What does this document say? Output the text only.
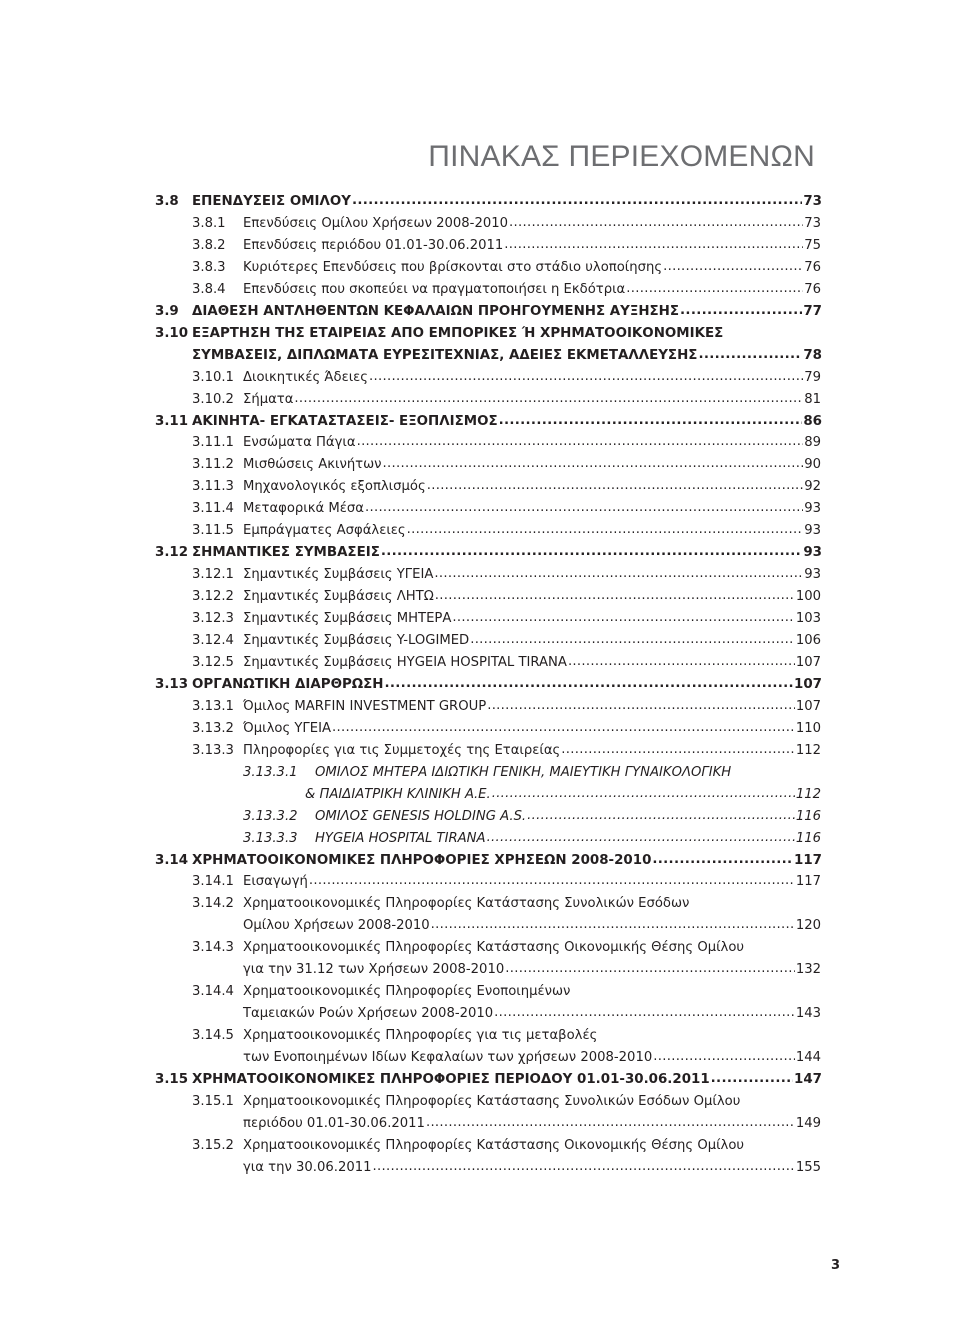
ΠΙΝΑΚΑΣ ΠΕΡΙΕΧΟΜΕΝΩΝ
3.8 ΕΠΕΝΔΥΣΕΙΣ ΟΜΙΛΟΥ .....	73
3.8.1	Επενδύσεις Ομίλου Χρήσεων 2008-2010 .....	73
3.8.2	Επενδύσεις περιόδου 01.01-30.06.2011 .....	75
3.8.3	Κυριότερες Επενδύσεις που βρίσκονται στο στάδιο υλοποίησης .....	76
3.8.4	Επενδύσεις που σκοπεύει να πραγματοποιήσει η Εκδότρια .....	76
3.9 ΔΙΑΘΕΣΗ ΑΝΤΛΗΘΕΝΤΩΝ ΚΕΦΑΛΑΙΩΝ ΠΡΟΗΓΟΥΜΕΝΗΣ ΑΥΞΗΣΗΣ .....	77
3.10 ΕΞΑΡΤΗΣΗ ΤΗΣ ΕΤΑΙΡΕΙΑΣ ΑΠΟ ΕΜΠΟΡΙΚΕΣ Ή ΧΡΗΜΑΤΟΟΙΚΟΝΟΜΙΚΕΣ
ΣΥΜΒΑΣΕΙΣ, ΔΙΠΛΩΜΑΤΑ ΕΥΡΕΣΙΤΕΧΝΙΑΣ, ΑΔΕΙΕΣ ΕΚΜΕΤΑΛΛΕΥΣΗΣ .....	78
3.10.1 Διοικητικές Άδειες .....	79
3.10.2 Σήματα .....	81
3.11 ΑΚΙΝΗΤΑ- ΕΓΚΑΤΑΣΤΑΣΕΙΣ- ΕΞΟΠΛΙΣΜΟΣ .....	86
3.11.1 Ενσώματα Πάγια .....	89
3.11.2 Μισθώσεις Ακινήτων .....	90
3.11.3 Μηχανολογικός εξοπλισμός .....	92
3.11.4 Μεταφορικά Μέσα .....	93
3.11.5 Εμπράγματες Ασφάλειες .....	93
3.12 ΣΗΜΑΝΤΙΚΕΣ ΣΥΜΒΑΣΕΙΣ .....	93
3.12.1 Σημαντικές Συμβάσεις ΥΓΕΙΑ .....	93
3.12.2 Σημαντικές Συμβάσεις ΛΗΤΩ .....	100
3.12.3 Σημαντικές Συμβάσεις ΜΗΤΕΡΑ .....	103
3.12.4 Σημαντικές Συμβάσεις Y-LOGIMED .....	106
3.12.5 Σημαντικές Συμβάσεις HYGEIA HOSPITAL TIRANA .....	107
3.13 ΟΡΓΑΝΩΤΙΚΗ ΔΙΑΡΘΡΩΣΗ .....	107
3.13.1 Όμιλος MARFIN INVESTMENT GROUP .....	107
3.13.2 Όμιλος ΥΓΕΙΑ .....	110
3.13.3 Πληροφορίες για τις Συμμετοχές της Εταιρείας .....	112
3.13.3.1	ΟΜΙΛΟΣ ΜΗΤΕΡΑ ΙΔΙΩΤΙΚΗ ΓΕΝΙΚΗ, ΜΑΙΕΥΤΙΚΗ ΓΥΝΑΙΚΟΛΟΓΙΚΗ
& ΠΑΙΔΙΑΤΡΙΚΗ ΚΛΙΝΙΚΗ Α.Ε. .....	112
3.13.3.2	ΟΜΙΛΟΣ GENESIS HOLDING A.S. .....	116
3.13.3.3	HYGEIA HOSPITAL TIRANA .....	116
3.14 ΧΡΗΜΑΤΟΟΙΚΟΝΟΜΙΚΕΣ ΠΛΗΡΟΦΟΡΙΕΣ ΧΡΗΣΕΩΝ 2008-2010 .....	117
3.14.1 Εισαγωγή .....	117
3.14.2 Χρηματοοικονομικές Πληροφορίες Κατάστασης Συνολικών Εσόδων
Ομίλου Χρήσεων 2008-2010 .....	120
3.14.3 Χρηματοοικονομικές Πληροφορίες Κατάστασης Οικονομικής Θέσης Ομίλου
για την 31.12 των Χρήσεων 2008-2010 .....	132
3.14.4 Χρηματοοικονομικές Πληροφορίες Ενοποιημένων
Ταμειακών Ροών Χρήσεων 2008-2010 .....	143
3.14.5 Χρηματοοικονομικές Πληροφορίες για τις μεταβολές
των Ενοποιημένων Ιδίων Κεφαλαίων των χρήσεων 2008-2010 .....	144
3.15 ΧΡΗΜΑΤΟΟΙΚΟΝΟΜΙΚΕΣ ΠΛΗΡΟΦΟΡΙΕΣ ΠΕΡΙΟΔΟΥ 01.01-30.06.2011 .....	147
3.15.1 Χρηματοοικονομικές Πληροφορίες Κατάστασης Συνολικών Εσόδων Ομίλου
περιόδου 01.01-30.06.2011 .....	149
3.15.2 Χρηματοοικονομικές Πληροφορίες Κατάστασης Οικονομικής Θέσης Ομίλου
για την 30.06.2011 .....	155
3
